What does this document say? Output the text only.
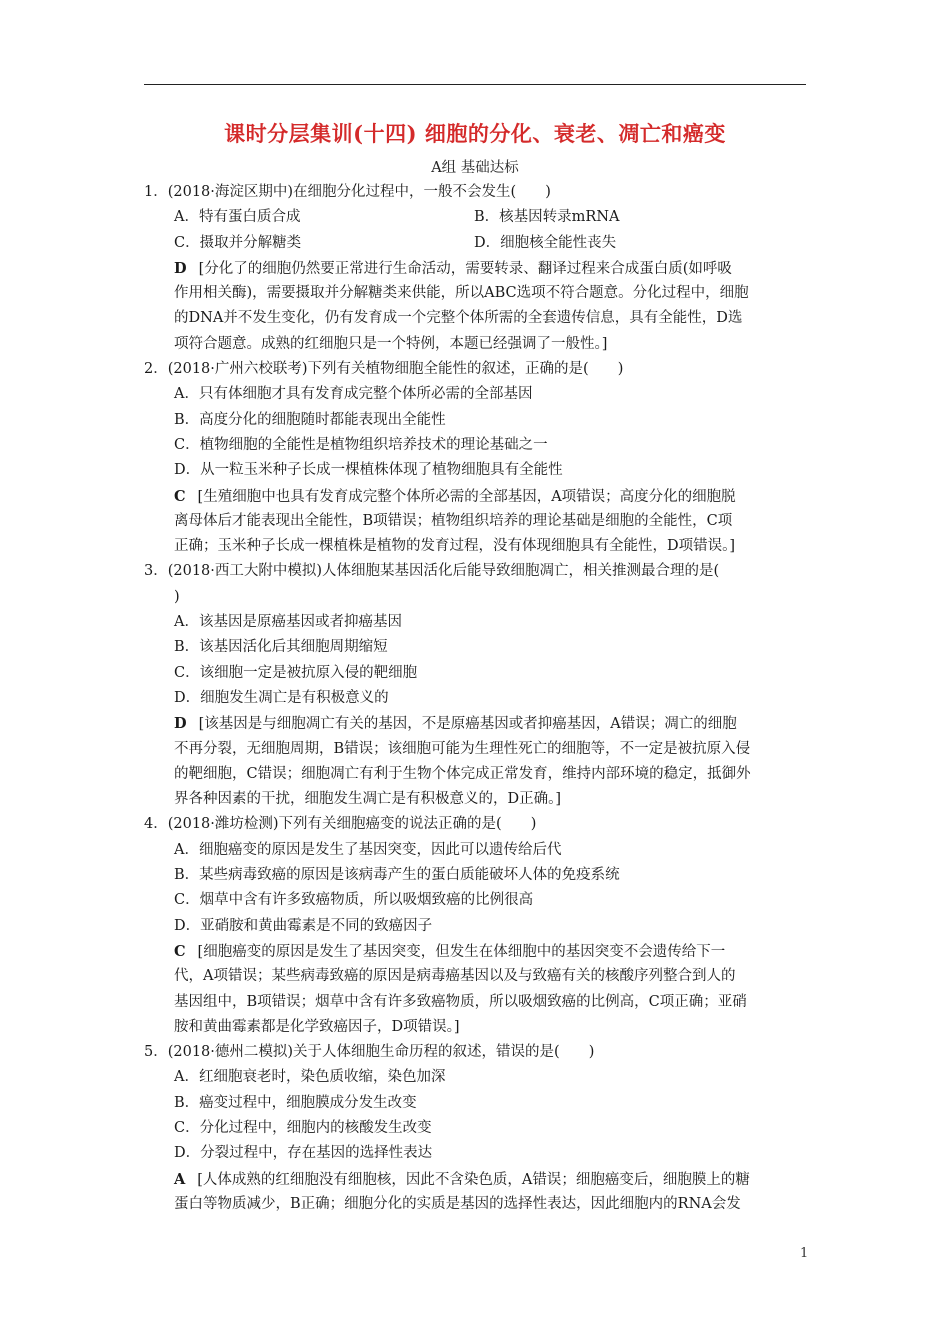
课时分层集训(十四) 细胞的分化、衰老、凋亡和癌变
A组 基础达标
1．(2018·海淀区期中)在细胞分化过程中，一般不会发生(　　)
A．特有蛋白质合成	B．核基因转录mRNA
C．摄取并分解糖类	D．细胞核全能性丧失
D [分化了的细胞仍然要正常进行生命活动，需要转录、翻译过程来合成蛋白质(如呼吸
作用相关酶)，需要摄取并分解糖类来供能，所以ABC选项不符合题意。分化过程中，细胞
的DNA并不发生变化，仍有发育成一个完整个体所需的全套遗传信息，具有全能性，D选
项符合题意。成熟的红细胞只是一个特例，本题已经强调了一般性。]
2．(2018·广州六校联考)下列有关植物细胞全能性的叙述，正确的是(　　)
A．只有体细胞才具有发育成完整个体所必需的全部基因
B．高度分化的细胞随时都能表现出全能性
C．植物细胞的全能性是植物组织培养技术的理论基础之一
D．从一粒玉米种子长成一棵植株体现了植物细胞具有全能性
C [生殖细胞中也具有发育成完整个体所必需的全部基因，A项错误；高度分化的细胞脱
离母体后才能表现出全能性，B项错误；植物组织培养的理论基础是细胞的全能性，C项
正确；玉米种子长成一棵植株是植物的发育过程，没有体现细胞具有全能性，D项错误。]
3．(2018·西工大附中模拟)人体细胞某基因活化后能导致细胞凋亡，相关推测最合理的是(
)
A．该基因是原癌基因或者抑癌基因
B．该基因活化后其细胞周期缩短
C．该细胞一定是被抗原入侵的靶细胞
D．细胞发生凋亡是有积极意义的
D [该基因是与细胞凋亡有关的基因，不是原癌基因或者抑癌基因，A错误；凋亡的细胞
不再分裂，无细胞周期，B错误；该细胞可能为生理性死亡的细胞等，不一定是被抗原入侵
的靶细胞，C错误；细胞凋亡有利于生物个体完成正常发育，维持内部环境的稳定，抵御外
界各种因素的干扰，细胞发生凋亡是有积极意义的，D正确。]
4．(2018·潍坊检测)下列有关细胞癌变的说法正确的是(　　)
A．细胞癌变的原因是发生了基因突变，因此可以遗传给后代
B．某些病毒致癌的原因是该病毒产生的蛋白质能破坏人体的免疫系统
C．烟草中含有许多致癌物质，所以吸烟致癌的比例很高
D．亚硝胺和黄曲霉素是不同的致癌因子
C [细胞癌变的原因是发生了基因突变，但发生在体细胞中的基因突变不会遗传给下一
代，A项错误；某些病毒致癌的原因是病毒癌基因以及与致癌有关的核酸序列整合到人的
基因组中，B项错误；烟草中含有许多致癌物质，所以吸烟致癌的比例高，C项正确；亚硝
胺和黄曲霉素都是化学致癌因子，D项错误。]
5．(2018·德州二模拟)关于人体细胞生命历程的叙述，错误的是(　　)
A．红细胞衰老时，染色质收缩，染色加深
B．癌变过程中，细胞膜成分发生改变
C．分化过程中，细胞内的核酸发生改变
D．分裂过程中，存在基因的选择性表达
A [人体成熟的红细胞没有细胞核，因此不含染色质，A错误；细胞癌变后，细胞膜上的糖
蛋白等物质减少，B正确；细胞分化的实质是基因的选择性表达，因此细胞内的RNA会发
1
